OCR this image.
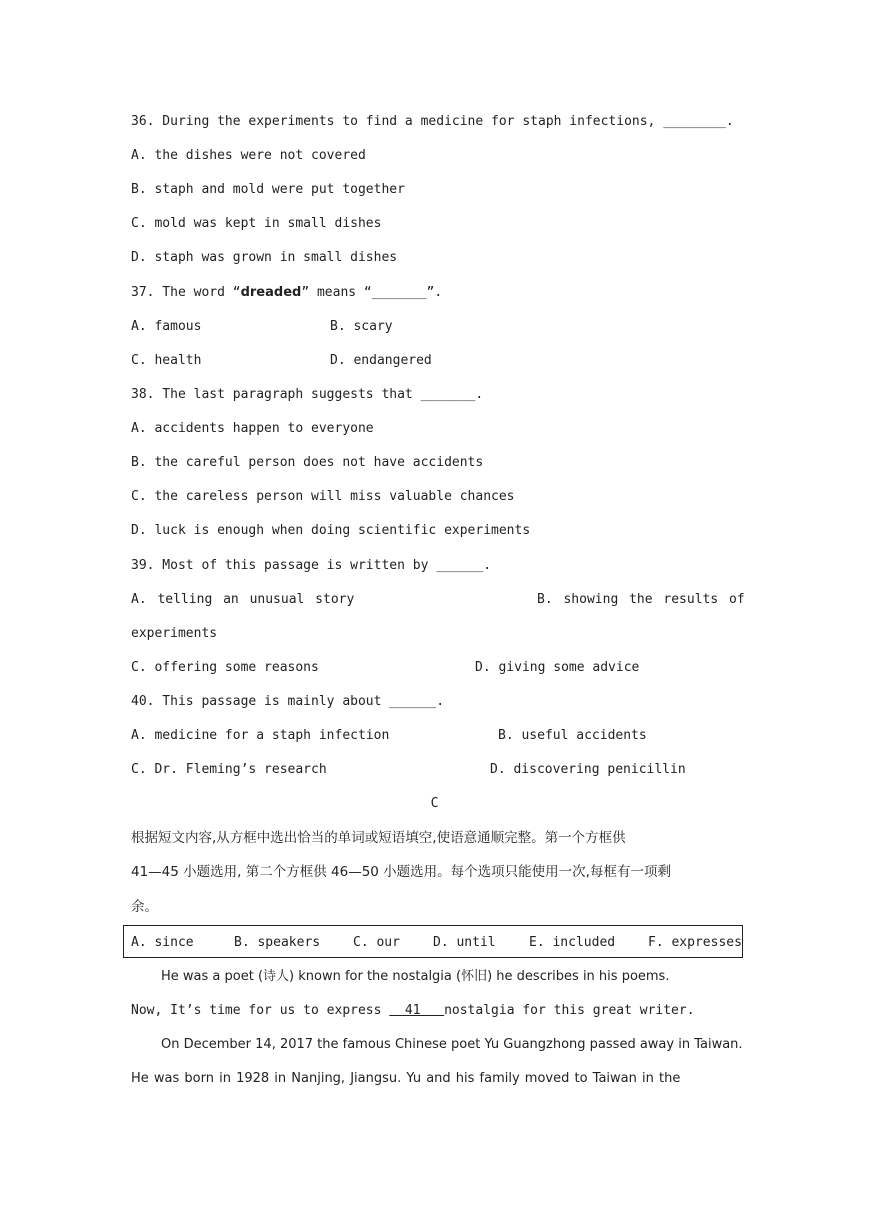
36. During the experiments to find a medicine for staph infections, ________.
A. the dishes were not covered
B. staph and mold were put together
C. mold was kept in small dishes
D. staph was grown in small dishes
37. The word “dreaded” means “_______”.
A. famous	B. scary
C. health	D. endangered
38. The last paragraph suggests that _______.
A. accidents happen to everyone
B. the careful person does not have accidents
C. the careless person will miss valuable chances
D. luck is enough when doing scientific experiments
39. Most of this passage is written by ______.
A. telling an unusual story	B. showing the results of
experiments
C. offering some reasons	D. giving some advice
40. This passage is mainly about ______.
A. medicine for a staph infection	B. useful accidents
C. Dr. Fleming’s research	D. discovering penicillin
C
根据短文内容,从方框中选出恰当的单词或短语填空,使语意通顺完整。第一个方框供
41—45 小题选用, 第二个方框供 46—50 小题选用。每个选项只能使用一次,每框有一项剩
余。
A. since	B. speakers	C. our	D. until	E. included	F. expresses
He was a poet (诗人) known for the nostalgia (怀旧) he describes in his poems.
Now, It’s time for us to express   41   nostalgia for this great writer.
On December 14, 2017 the famous Chinese poet Yu Guangzhong passed away in Taiwan.
He was born in 1928 in Nanjing, Jiangsu. Yu and his family moved to Taiwan in the
